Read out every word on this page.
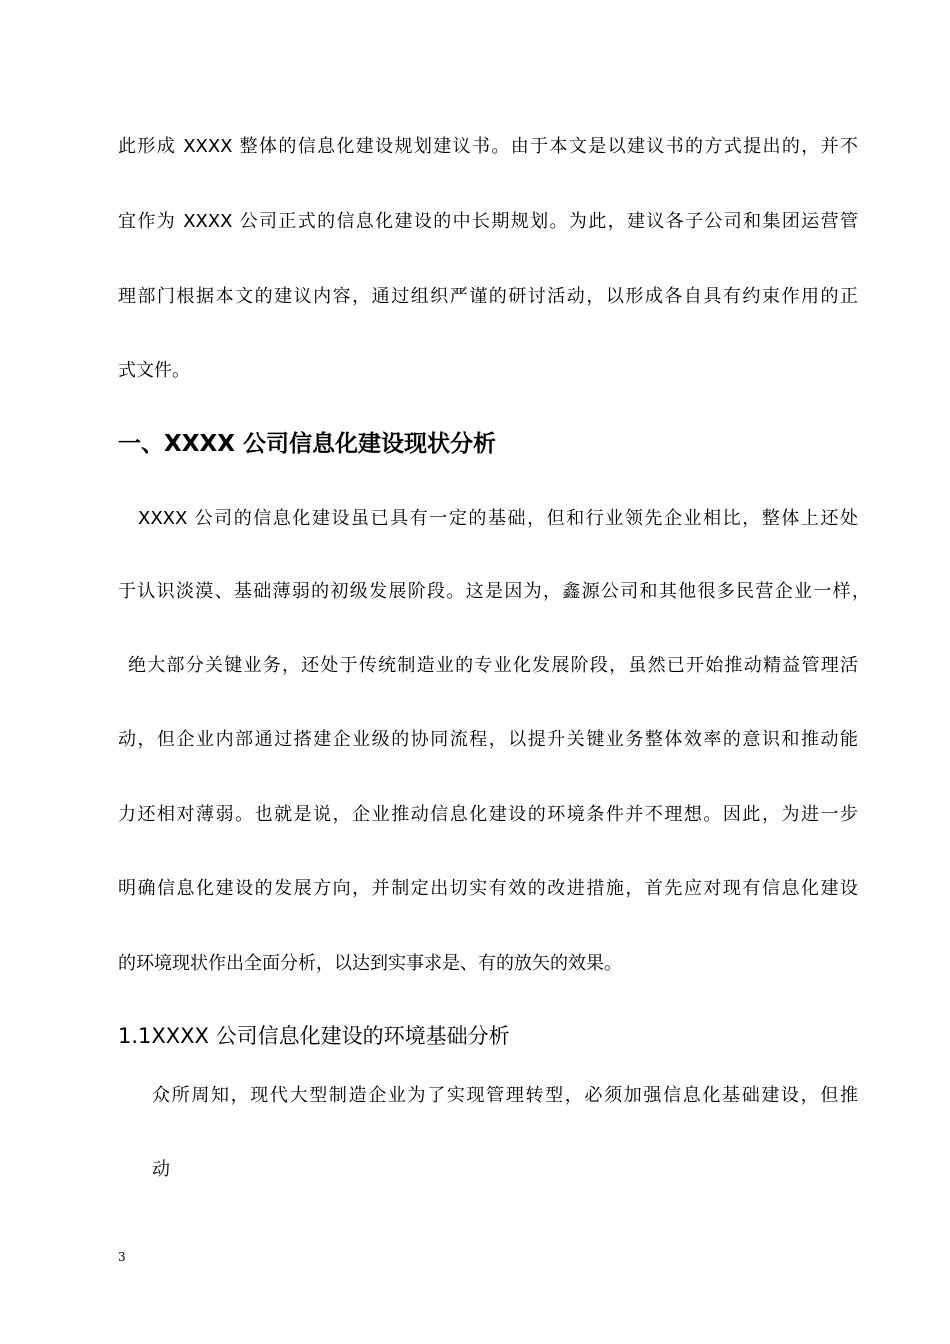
此形成 XXXX 整体的信息化建设规划建议书。由于本文是以建议书的方式提出的，并不
宜作为 XXXX 公司正式的信息化建设的中长期规划。为此，建议各子公司和集团运营管
理部门根据本文的建议内容，通过组织严谨的研讨活动，以形成各自具有约束作用的正
式文件。
一、XXXX 公司信息化建设现状分析
XXXX 公司的信息化建设虽已具有一定的基础，但和行业领先企业相比，整体上还处
于认识淡漠、基础薄弱的初级发展阶段。这是因为，鑫源公司和其他很多民营企业一样，
绝大部分关键业务，还处于传统制造业的专业化发展阶段，虽然已开始推动精益管理活
动，但企业内部通过搭建企业级的协同流程，以提升关键业务整体效率的意识和推动能
力还相对薄弱。也就是说，企业推动信息化建设的环境条件并不理想。因此，为进一步
明确信息化建设的发展方向，并制定出切实有效的改进措施，首先应对现有信息化建设
的环境现状作出全面分析，以达到实事求是、有的放矢的效果。
1.1XXXX 公司信息化建设的环境基础分析
众所周知，现代大型制造企业为了实现管理转型，必须加强信息化基础建设，但推
动
3
